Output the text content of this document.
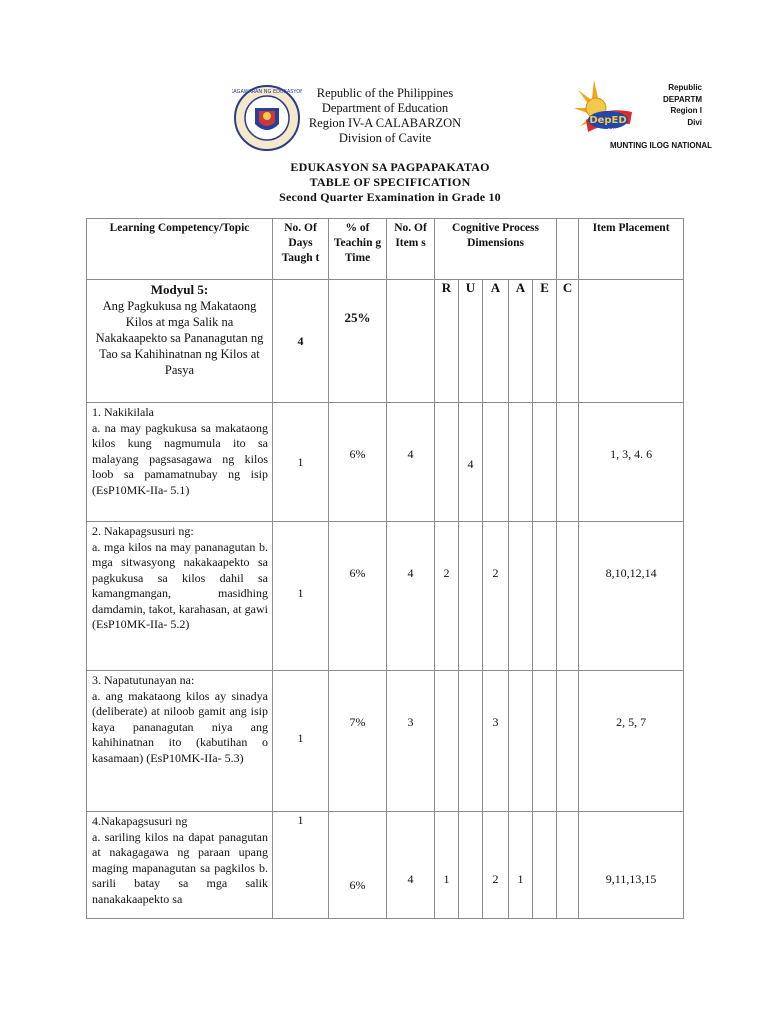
KAGAWARAN NG EDUKASYON	Republic of the Philippines
Department of Education
Region IV-A CALABARZON
Division of Cavite
DepED
CAVITE
Republic
DEPARTM
Region I
Divi
MUNTING ILOG NATIONAL
EDUKASYON SA PAGPAPAKATAO
TABLE OF SPECIFICATION
Second Quarter Examination in Grade 10
Learning Competency/Topic	No. Of Days Taugh t	% of Teachin g Time	No. Of Item s	Cognitive Process Dimensions						Item Placement

Modyul 5:
Ang Pagkukusa ng Makataong Kilos at mga Salik na Nakakaapekto sa Pananagutan ng Tao sa Kahihinatnan ng Kilos at Pasya	4	25%		R	U	A	A	E	C	

1. Nakikilala
a. na may pagkukusa sa makataong kilos kung nagmumula ito sa malayang pagsasagawa ng kilos loob sa pamamatnubay ng isip (EsP10MK-IIa- 5.1)	1	6%	4		4					1, 3, 4. 6

2. Nakapagsusuri ng:
a. mga kilos na may pananagutan b. mga sitwasyong nakakaapekto sa pagkukusa sa kilos dahil sa kamangmangan, masidhing damdamin, takot, karahasan, at gawi (EsP10MK-IIa- 5.2)	1	6%	4	2		2				8,10,12,14

3. Napatutunayan na:
a. ang makataong kilos ay sinadya (deliberate) at niloob gamit ang isip kaya pananagutan niya ang kahihinatnan ito (kabutihan o kasamaan) (EsP10MK-IIa- 5.3)	1	7%	3			3				2, 5, 7

4.Nakapagsusuri ng
a. sariling kilos na dapat panagutan at nakagagawa ng paraan upang maging mapanagutan sa pagkilos b. sarili batay sa mga salik nanakakaapekto sa	1	6%	4	1		2	1			9,11,13,15
